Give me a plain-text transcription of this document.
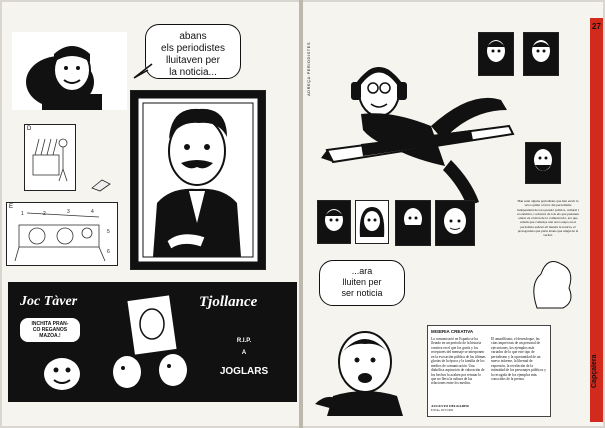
abans
els periodistes
lluitaven per
la noticia...
D
E
1	2	3	4
5
6
Joc Tàver
INCHITA PRAN-
CO REGANOS
MAZOA.!
Tjollance
R.I.P.
A
JOGLARS
ADREÇA·PERIODISTES

Han estat alguns periodistes que han escrit la seva opinió a favor del periodisme independent de tota pressió política, cultural i econòmica, i sobretot de tots els que pretenen entrar en el món de la comunicació, ara que sabem que comença una nova etapa on el periodista esdevé ell mateix la notícia, el protagonista que parla abans que ningú de la veritat.

...ara
lluiten per
ser noticia
MISERIA CREATIVA

La comunicació en España se ha fletado en un período de la historia creativa en el que los gurús y los receptores del mensaje se interponen en la evocación pública de las últimas glorias de la época y la familia de los medios de comunicación. Una diabólica aspiración de valoración de los hechos la acaben por retratar lo que no lleva la cultura de las relaciones entre los medios.

El amarillismo, el desenfoque, las citas imprecisas de un personal de ejecuciones, los ejemplos más variados de lo que este tipo de periodismo y la oportunidad de un nuevo informe, la libertad de expresión, la revelación de la intimidad de los personajes públicos y la recogida de los ejemplos más conocidos de la prensa.

AUGUSTO DELKADER
El País, 29/7/1992
27
Capçalera
